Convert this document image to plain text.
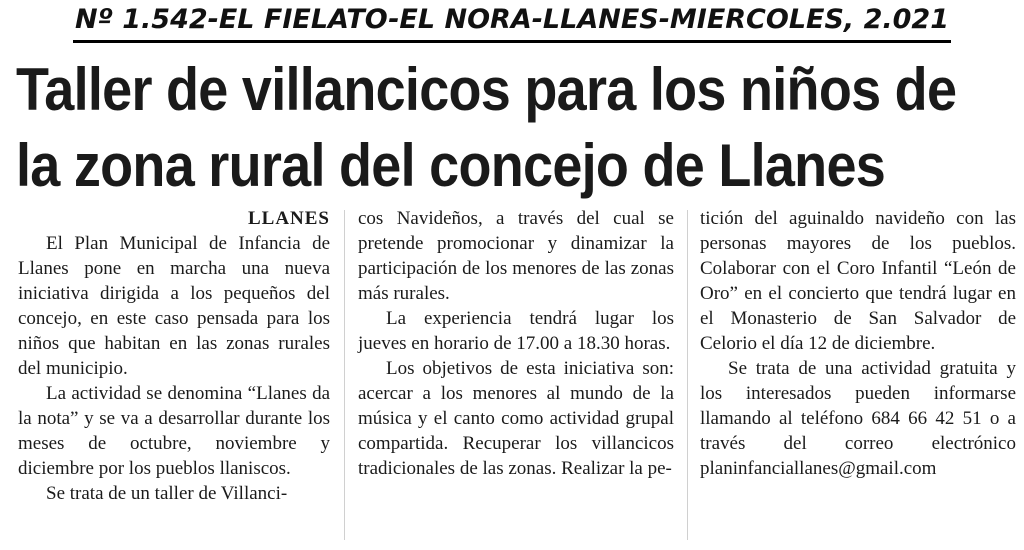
Nº 1.542-EL FIELATO-EL NORA-LLANES-MIERCOLES, 2.021
Taller de villancicos para los niños de
la zona rural del concejo de Llanes

LLANES

El Plan Municipal de Infancia de Llanes pone en marcha una nueva iniciativa dirigida a los pequeños del concejo, en este caso pensada para los niños que habitan en las zonas rurales del municipio.

La actividad se denomina “Llanes da la nota” y se va a desarrollar durante los meses de octubre, noviembre y diciembre por los pueblos llaniscos.

Se trata de un taller de Villanci-

cos Navideños, a través del cual se pretende promocionar y dinamizar la participación de los menores de las zonas más rurales.

La experiencia tendrá lugar los jueves en horario de 17.00 a 18.30 horas.

Los objetivos de esta iniciativa son: acercar a los menores al mundo de la música y el canto como actividad grupal compartida. Recuperar los villancicos tradicionales de las zonas. Realizar la pe-

tición del aguinaldo navideño con las personas mayores de los pueblos. Colaborar con el Coro Infantil “León de Oro” en el concierto que tendrá lugar en el Monasterio de San Salvador de Celorio el día 12 de diciembre.

Se trata de una actividad gratuita y los interesados pueden informarse llamando al teléfono 684 66 42 51 o a través del correo electrónico planinfanciallanes@gmail.com
